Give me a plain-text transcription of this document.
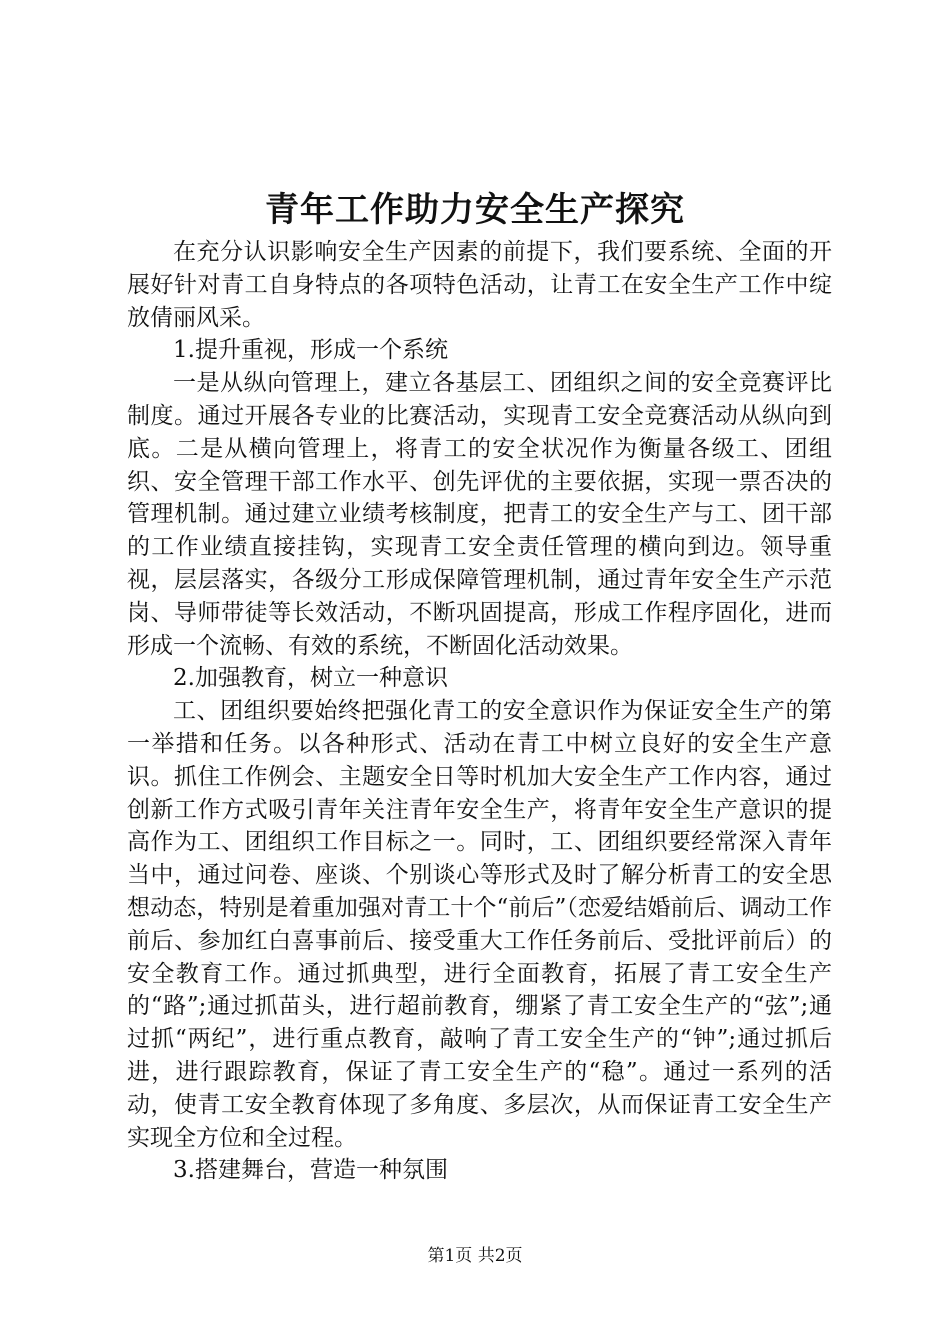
青年工作助力安全生产探究

在充分认识影响安全生产因素的前提下，我们要系统、全面的开展好针对青工自身特点的各项特色活动，让青工在安全生产工作中绽放倩丽风采。

1.提升重视，形成一个系统

一是从纵向管理上，建立各基层工、团组织之间的安全竞赛评比制度。通过开展各专业的比赛活动，实现青工安全竞赛活动从纵向到底。二是从横向管理上，将青工的安全状况作为衡量各级工、团组织、安全管理干部工作水平、创先评优的主要依据，实现一票否决的管理机制。通过建立业绩考核制度，把青工的安全生产与工、团干部的工作业绩直接挂钩，实现青工安全责任管理的横向到边。领导重视，层层落实，各级分工形成保障管理机制，通过青年安全生产示范岗、导师带徒等长效活动，不断巩固提高，形成工作程序固化，进而形成一个流畅、有效的系统，不断固化活动效果。

2.加强教育，树立一种意识

工、团组织要始终把强化青工的安全意识作为保证安全生产的第一举措和任务。以各种形式、活动在青工中树立良好的安全生产意识。抓住工作例会、主题安全日等时机加大安全生产工作内容，通过创新工作方式吸引青年关注青年安全生产，将青年安全生产意识的提高作为工、团组织工作目标之一。同时，工、团组织要经常深入青年当中，通过问卷、座谈、个别谈心等形式及时了解分析青工的安全思想动态，特别是着重加强对青工十个“前后”（恋爱结婚前后、调动工作前后、参加红白喜事前后、接受重大工作任务前后、受批评前后）的安全教育工作。通过抓典型，进行全面教育，拓展了青工安全生产的“路”;通过抓苗头，进行超前教育，绷紧了青工安全生产的“弦”;通过抓“两纪”，进行重点教育，敲响了青工安全生产的“钟”;通过抓后进，进行跟踪教育，保证了青工安全生产的“稳”。通过一系列的活动，使青工安全教育体现了多角度、多层次，从而保证青工安全生产实现全方位和全过程。

3.搭建舞台，营造一种氛围

第1页 共2页
